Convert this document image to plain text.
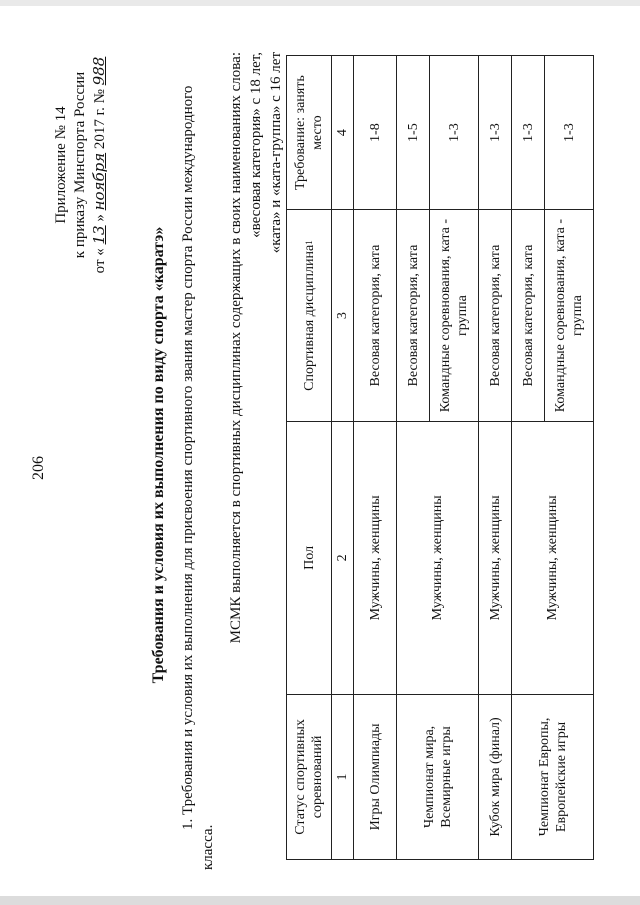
206
Приложение № 14 к приказу Минспорта России
от « 13 » ноября 2017 г. № 988
Требования и условия их выполнения по виду спорта «каратэ» 1. Требования и условия их выполнения для присвоения спортивного звания мастер спорта России международного класса.
МСМК выполняется в спортивных дисциплинах содержащих в своих наименованиях слова: «весовая категория» с 18 лет, «ката» и «ката-группа» с 16 лет
Статус спортивных соревнований	Пол	Спортивная дисциплина$^1$	Требование: занять место
1	2	3	4
Игры Олимпиады	Мужчины, женщины	Весовая категория, ката	1-8
Чемпионат мира, Всемирные игры	Мужчины, женщины	Весовая категория, ката	1-5
		Командные соревнования, ката - группа	1-3
Кубок мира (финал)	Мужчины, женщины	Весовая категория, ката	1-3
Чемпионат Европы, Европейские игры	Мужчины, женщины	Весовая категория, ката	1-3
		Командные соревнования, ката - группа	1-3
